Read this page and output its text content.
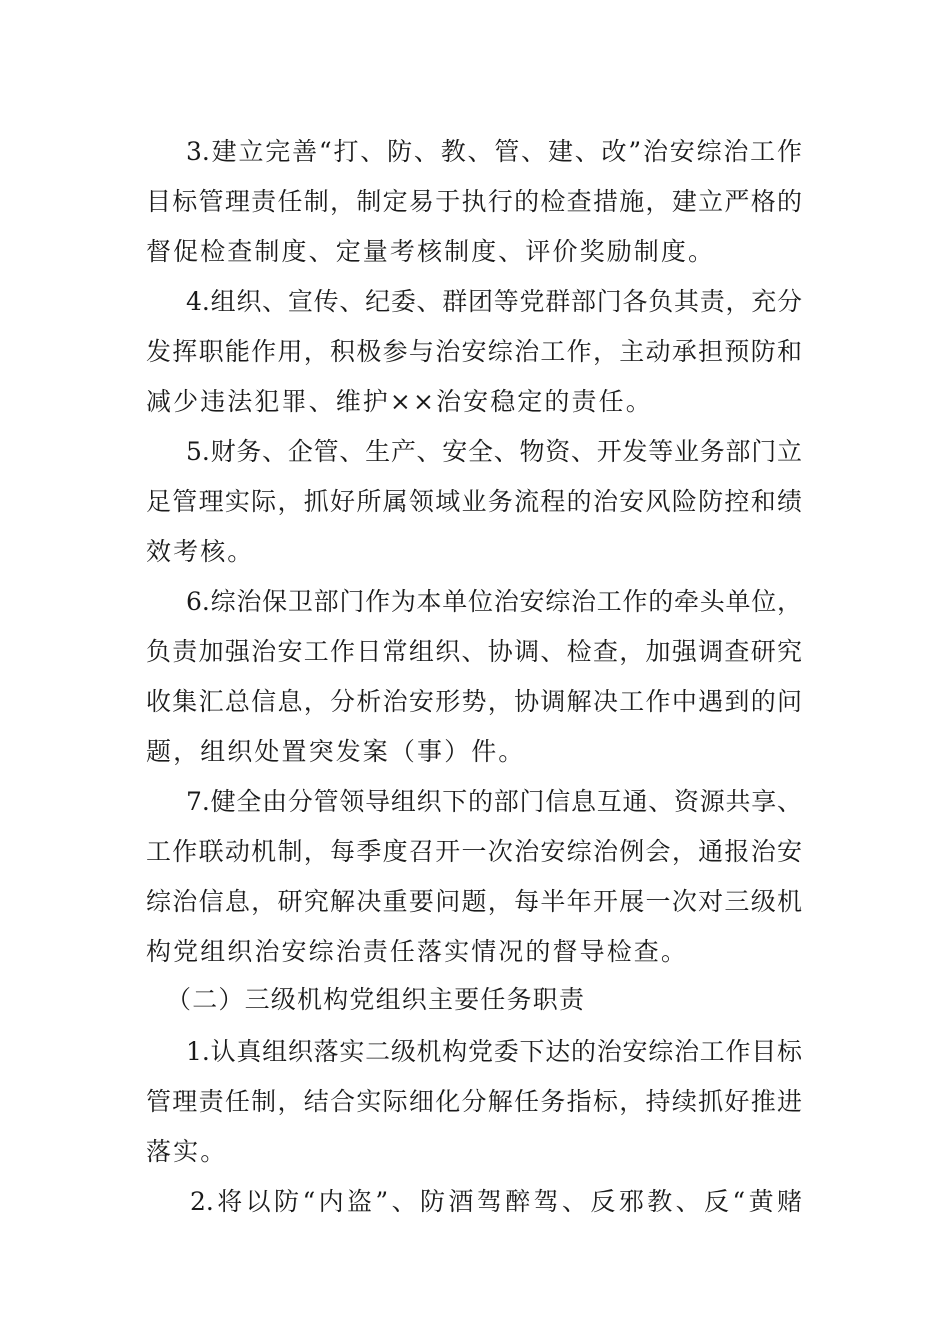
3.建立完善“打、防、教、管、建、改”治安综治工作
目标管理责任制，制定易于执行的检查措施，建立严格的
督促检查制度、定量考核制度、评价奖励制度。
4.组织、宣传、纪委、群团等党群部门各负其责，充分
发挥职能作用，积极参与治安综治工作，主动承担预防和
减少违法犯罪、维护××治安稳定的责任。
5.财务、企管、生产、安全、物资、开发等业务部门立
足管理实际，抓好所属领域业务流程的治安风险防控和绩
效考核。
6.综治保卫部门作为本单位治安综治工作的牵头单位，
负责加强治安工作日常组织、协调、检查，加强调查研究
收集汇总信息，分析治安形势，协调解决工作中遇到的问
题，组织处置突发案（事）件。
7.健全由分管领导组织下的部门信息互通、资源共享、
工作联动机制，每季度召开一次治安综治例会，通报治安
综治信息，研究解决重要问题，每半年开展一次对三级机
构党组织治安综治责任落实情况的督导检查。
（二）三级机构党组织主要任务职责
1.认真组织落实二级机构党委下达的治安综治工作目标
管理责任制，结合实际细化分解任务指标，持续抓好推进
落实。
2.将以防“内盗”、防酒驾醉驾、反邪教、反“黄赌
